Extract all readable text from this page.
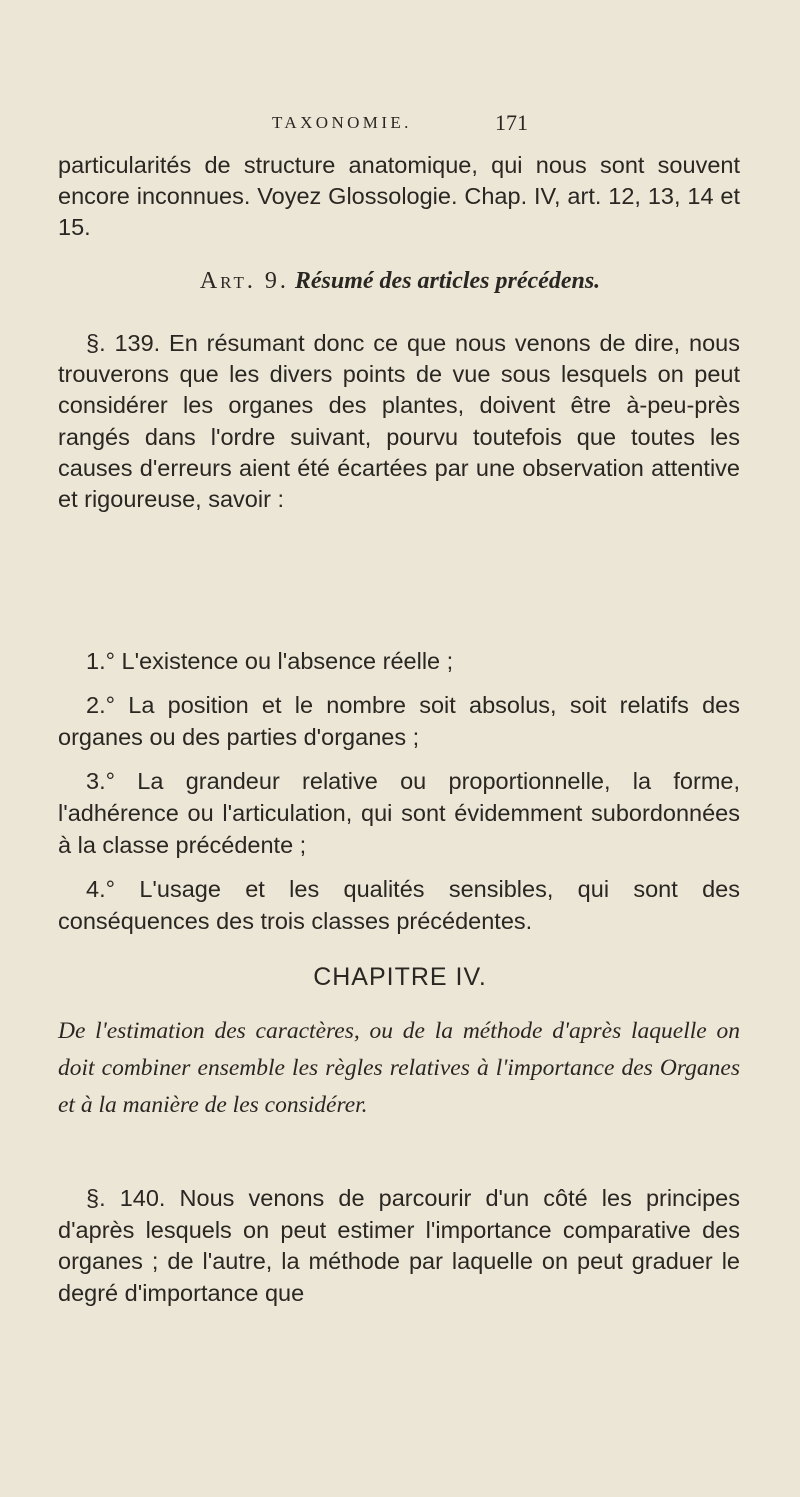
TAXONOMIE.	171

particularités de structure anatomique, qui nous sont souvent encore inconnues. Voyez Glossologie. Chap. IV, art. 12, 13, 14 et 15.

Art. 9. Résumé des articles précédens.

§. 139. En résumant donc ce que nous venons de dire, nous trouverons que les divers points de vue sous lesquels on peut considérer les organes des plantes, doivent être à-peu-près rangés dans l'ordre suivant, pourvu toutefois que toutes les causes d'erreurs aient été écartées par une observation attentive et rigoureuse, savoir :

1.° L'existence ou l'absence réelle ;

2.° La position et le nombre soit absolus, soit relatifs des organes ou des parties d'organes ;

3.° La grandeur relative ou proportionnelle, la forme, l'adhérence ou l'articulation, qui sont évidemment subordonnées à la classe précédente ;

4.° L'usage et les qualités sensibles, qui sont des conséquences des trois classes précédentes.

CHAPITRE IV.
De l'estimation des caractères, ou de la méthode d'après laquelle on doit combiner ensemble les règles relatives à l'importance des Organes et à la manière de les considérer.

§. 140. Nous venons de parcourir d'un côté les principes d'après lesquels on peut estimer l'importance comparative des organes ; de l'autre, la méthode par laquelle on peut graduer le degré d'importance que
